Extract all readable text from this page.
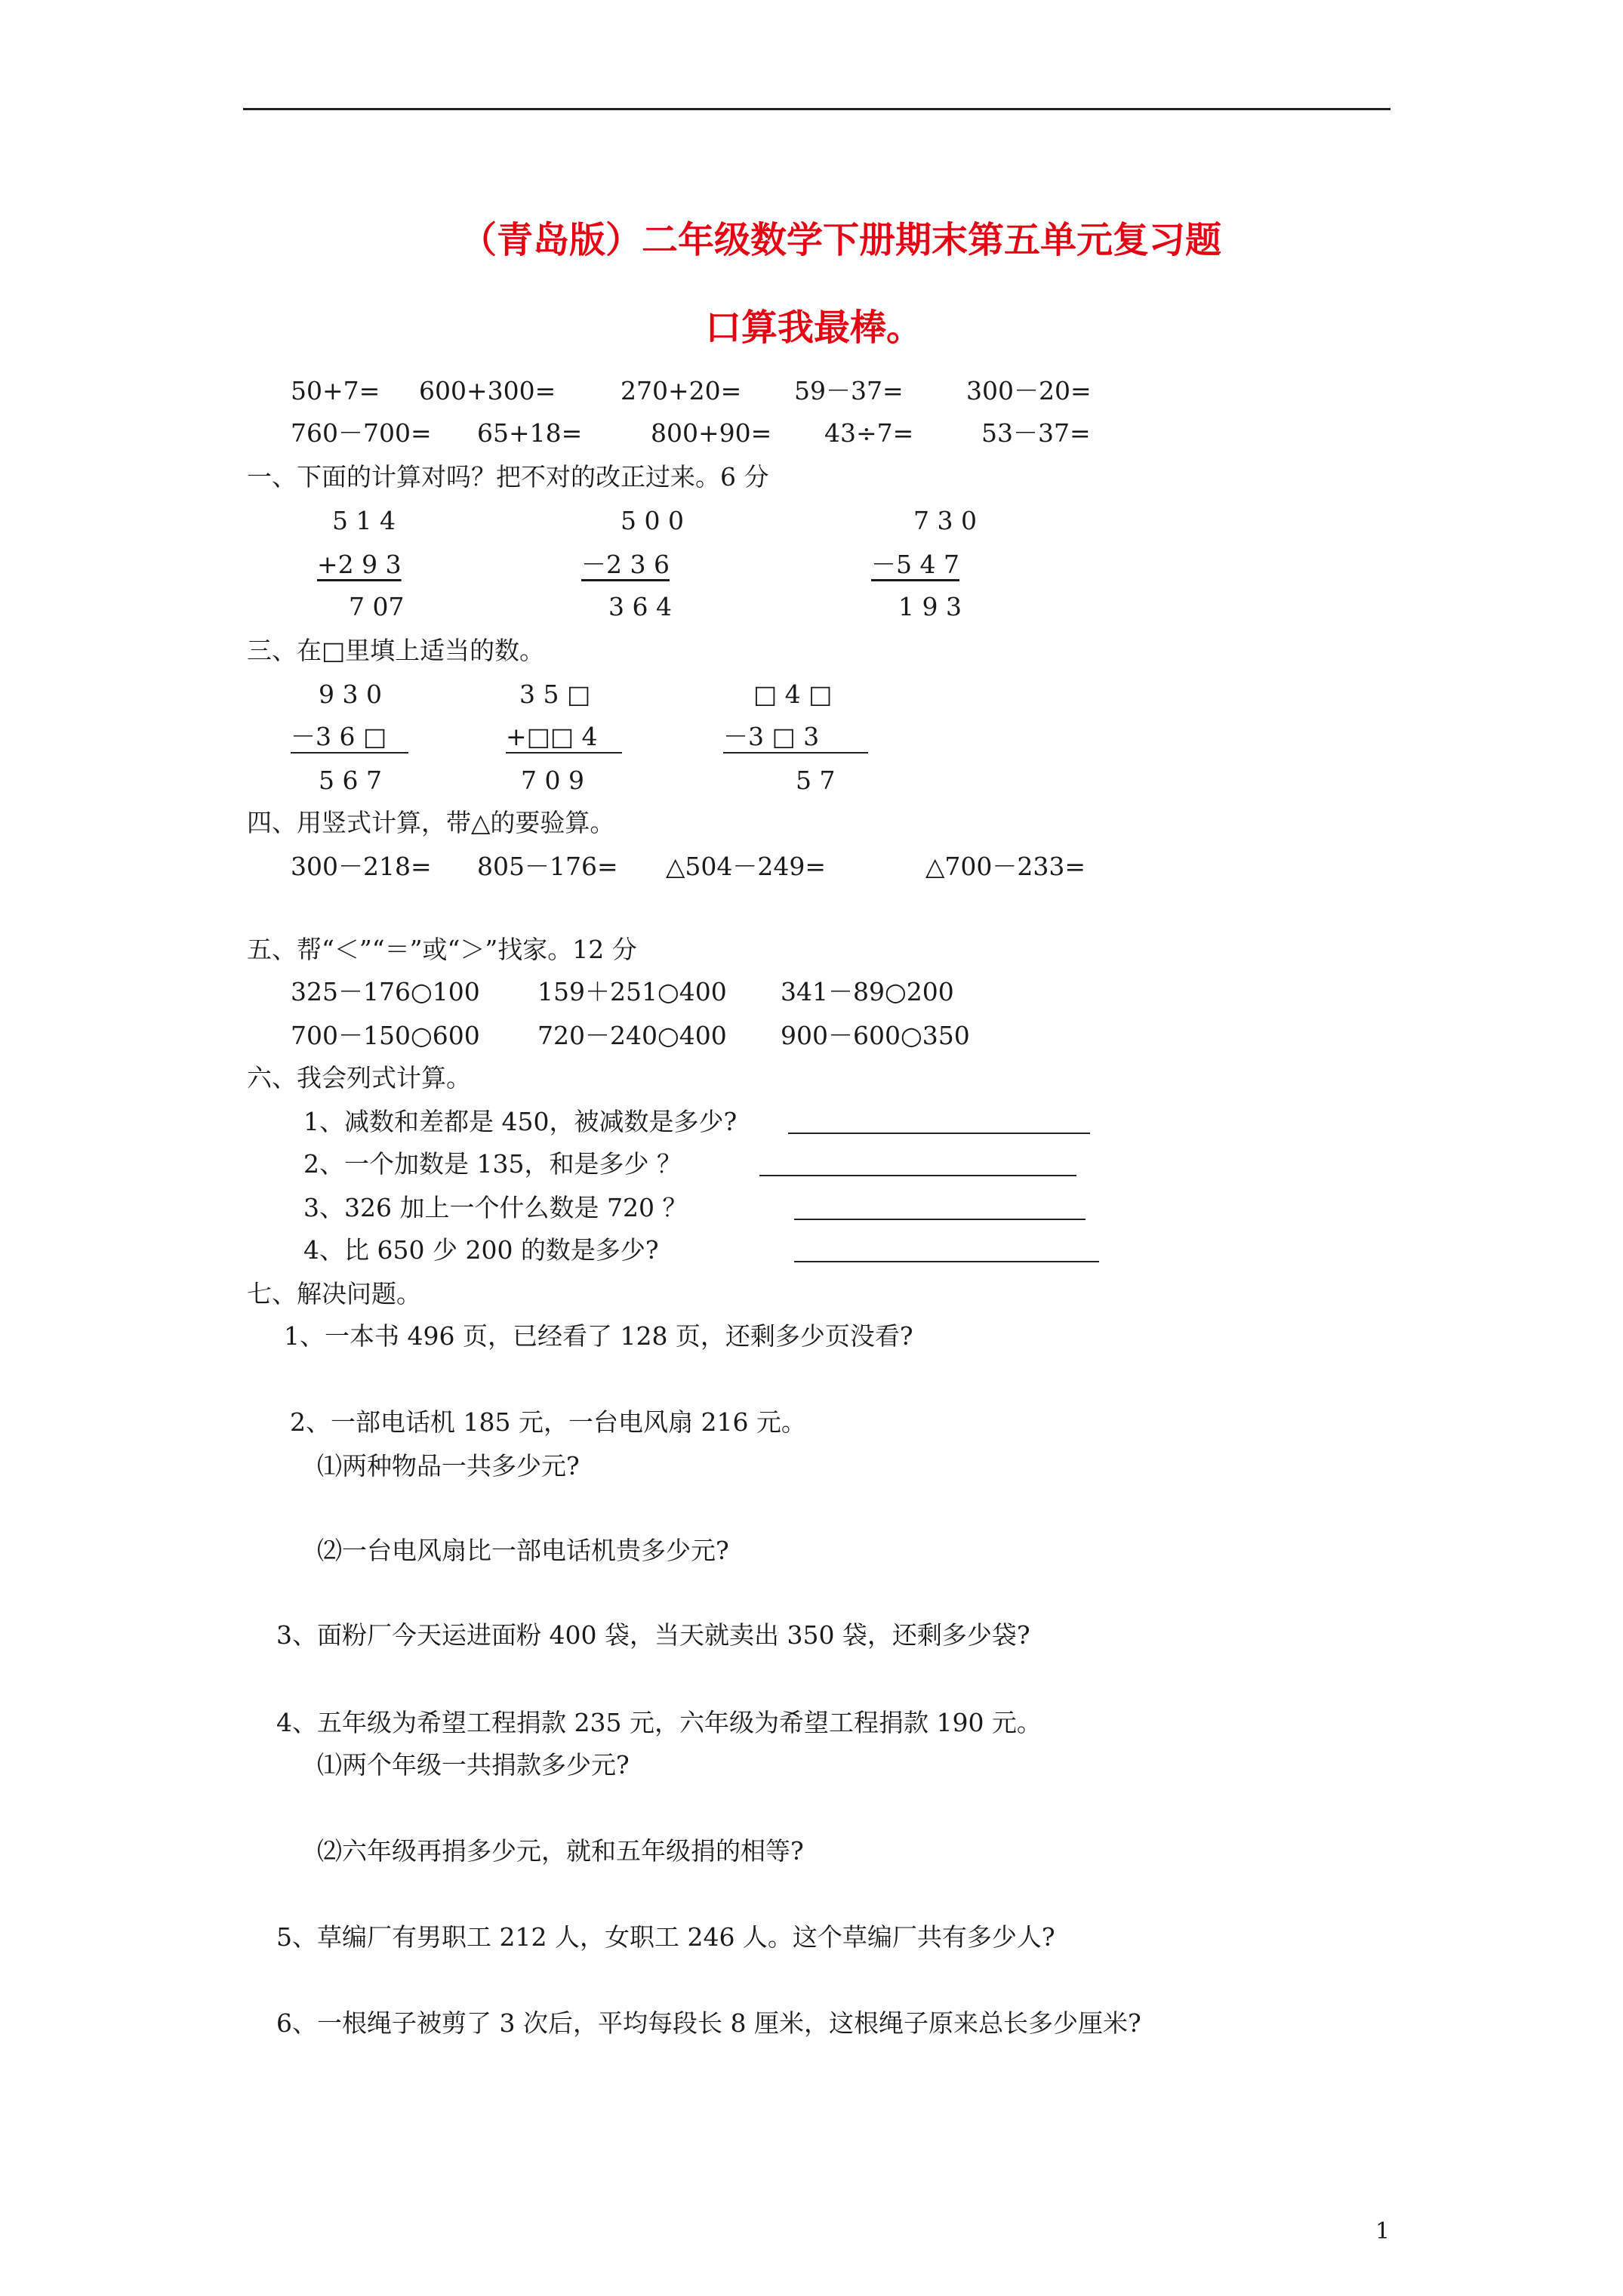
（青岛版）二年级数学下册期末第五单元复习题
口算我最棒。
50+7= 600+300=	270+20= 59－37=	300－20=
760－700= 65+18=	800+90= 43÷7=	53－37=
一、下面的计算对吗？把不对的改正过来。6 分
5 1 4
+2 9 3
7 07
5 0 0
－2 3 6
3 6 4
7 3 0
－5 4 7
1 9 3
三、在□里填上适当的数。
9 3 0
－3 6 □
5 6 7
3 5 □
+□□ 4
7 0 9
□ 4 □
－3 □ 3
5 7
四、用竖式计算，带△的要验算。
300－218= 805－176= △504－249=	△700－233=
五、帮“＜”“＝”或“＞”找家。12 分
325－176○100 159＋251○400 341－89○200
700－150○600 720－240○400 900－600○350
六、我会列式计算。
1、减数和差都是 450，被减数是多少?
2、一个加数是 135，和是多少 ？
3、326 加上一个什么数是 720 ？
4、比 650 少 200 的数是多少?
七、解决问题。
1、一本书 496 页，已经看了 128 页，还剩多少页没看?
2、一部电话机 185 元，一台电风扇 216 元。
⑴两种物品一共多少元?
⑵一台电风扇比一部电话机贵多少元?
3、面粉厂今天运进面粉 400 袋，当天就卖出 350 袋，还剩多少袋?
4、五年级为希望工程捐款 235 元，六年级为希望工程捐款 190 元。
⑴两个年级一共捐款多少元?
⑵六年级再捐多少元，就和五年级捐的相等?
5、草编厂有男职工 212 人，女职工 246 人。这个草编厂共有多少人?
6、一根绳子被剪了 3 次后，平均每段长 8 厘米，这根绳子原来总长多少厘米?
1
